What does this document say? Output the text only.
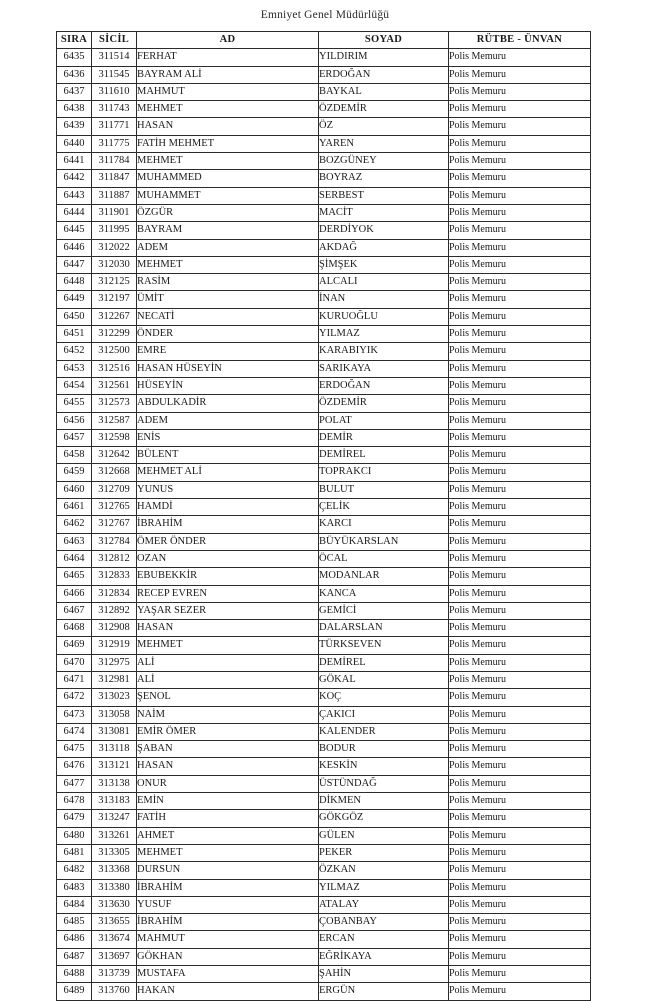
Emniyet Genel Müdürlüğü
SIRA	SİCİL	AD	SOYAD	RÜTBE - ÜNVAN
6435	311514	FERHAT	YILDIRIM	Polis Memuru
6436	311545	BAYRAM ALİ	ERDOĞAN	Polis Memuru
6437	311610	MAHMUT	BAYKAL	Polis Memuru
6438	311743	MEHMET	ÖZDEMİR	Polis Memuru
6439	311771	HASAN	ÖZ	Polis Memuru
6440	311775	FATİH MEHMET	YAREN	Polis Memuru
6441	311784	MEHMET	BOZGÜNEY	Polis Memuru
6442	311847	MUHAMMED	BOYRAZ	Polis Memuru
6443	311887	MUHAMMET	SERBEST	Polis Memuru
6444	311901	ÖZGÜR	MACİT	Polis Memuru
6445	311995	BAYRAM	DERDİYOK	Polis Memuru
6446	312022	ADEM	AKDAĞ	Polis Memuru
6447	312030	MEHMET	ŞİMŞEK	Polis Memuru
6448	312125	RASİM	ALCALI	Polis Memuru
6449	312197	ÜMİT	İNAN	Polis Memuru
6450	312267	NECATİ	KURUOĞLU	Polis Memuru
6451	312299	ÖNDER	YILMAZ	Polis Memuru
6452	312500	EMRE	KARABIYIK	Polis Memuru
6453	312516	HASAN HÜSEYİN	SARIKAYA	Polis Memuru
6454	312561	HÜSEYİN	ERDOĞAN	Polis Memuru
6455	312573	ABDULKADİR	ÖZDEMİR	Polis Memuru
6456	312587	ADEM	POLAT	Polis Memuru
6457	312598	ENİS	DEMİR	Polis Memuru
6458	312642	BÜLENT	DEMİREL	Polis Memuru
6459	312668	MEHMET ALİ	TOPRAKCI	Polis Memuru
6460	312709	YUNUS	BULUT	Polis Memuru
6461	312765	HAMDİ	ÇELİK	Polis Memuru
6462	312767	İBRAHİM	KARCI	Polis Memuru
6463	312784	ÖMER ÖNDER	BÜYÜKARSLAN	Polis Memuru
6464	312812	OZAN	ÖCAL	Polis Memuru
6465	312833	EBUBEKKİR	MODANLAR	Polis Memuru
6466	312834	RECEP EVREN	KANCA	Polis Memuru
6467	312892	YAŞAR SEZER	GEMİCİ	Polis Memuru
6468	312908	HASAN	DALARSLAN	Polis Memuru
6469	312919	MEHMET	TÜRKSEVEN	Polis Memuru
6470	312975	ALİ	DEMİREL	Polis Memuru
6471	312981	ALİ	GÖKAL	Polis Memuru
6472	313023	ŞENOL	KOÇ	Polis Memuru
6473	313058	NAİM	ÇAKICI	Polis Memuru
6474	313081	EMİR ÖMER	KALENDER	Polis Memuru
6475	313118	ŞABAN	BODUR	Polis Memuru
6476	313121	HASAN	KESKİN	Polis Memuru
6477	313138	ONUR	ÜSTÜNDAĞ	Polis Memuru
6478	313183	EMİN	DİKMEN	Polis Memuru
6479	313247	FATİH	GÖKGÖZ	Polis Memuru
6480	313261	AHMET	GÜLEN	Polis Memuru
6481	313305	MEHMET	PEKER	Polis Memuru
6482	313368	DURSUN	ÖZKAN	Polis Memuru
6483	313380	İBRAHİM	YILMAZ	Polis Memuru
6484	313630	YUSUF	ATALAY	Polis Memuru
6485	313655	İBRAHİM	ÇOBANBAY	Polis Memuru
6486	313674	MAHMUT	ERCAN	Polis Memuru
6487	313697	GÖKHAN	EĞRİKAYA	Polis Memuru
6488	313739	MUSTAFA	ŞAHİN	Polis Memuru
6489	313760	HAKAN	ERGÜN	Polis Memuru
